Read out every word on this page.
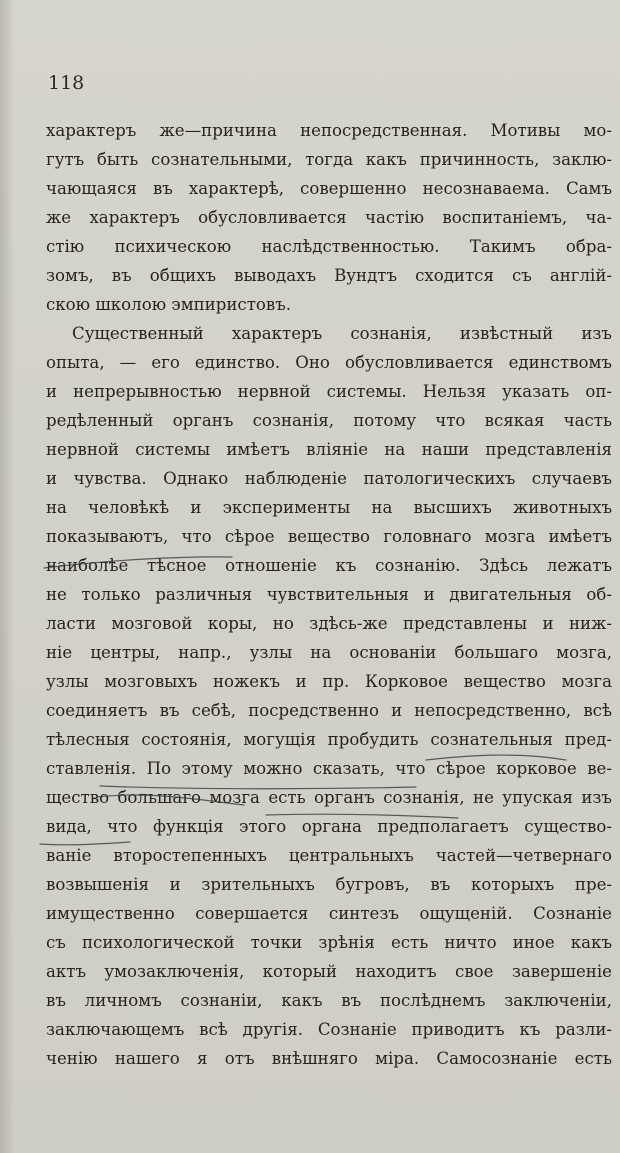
118

характеръ же—причина непосредственная. Мотивы мо-
гутъ быть сознательными, тогда какъ причинность, заклю-
чающаяся въ характерѣ, совершенно несознаваема. Самъ
же характеръ обусловливается частію воспитаніемъ, ча-
стію психическою наслѣдственностью. Такимъ обра-
зомъ, въ общихъ выводахъ Вундтъ сходится съ англій-
скою школою эмпиристовъ.
Существенный характеръ сознанія, извѣстный изъ
опыта, — его единство. Оно обусловливается единствомъ
и непрерывностью нервной системы. Нельзя указать оп-
редѣленный органъ сознанія, потому что всякая часть
нервной системы имѣетъ вліяніе на наши представленія
и чувства. Однако наблюденіе патологическихъ случаевъ
на человѣкѣ и эксперименты на высшихъ животныхъ
показываютъ, что сѣрое вещество головнаго мозга имѣетъ
наиболѣе тѣсное отношеніе къ сознанію. Здѣсь лежатъ
не только различныя чувствительныя и двигательныя об-
ласти мозговой коры, но здѣсь-же представлены и ниж-
ніе центры, напр., узлы на основаніи большаго мозга,
узлы мозговыхъ ножекъ и пр. Корковое вещество мозга
соединяетъ въ себѣ, посредственно и непосредственно, всѣ
тѣлесныя состоянія, могущія пробудить сознательныя пред-
ставленія. По этому можно сказать, что сѣрое корковое ве-
щество большаго мозга есть органъ сознанія, не упуская изъ
вида, что функція этого органа предполагаетъ существо-
ваніе второстепенныхъ центральныхъ частей—четвернаго
возвышенія и зрительныхъ бугровъ, въ которыхъ пре-
имущественно совершается синтезъ ощущеній. Сознаніе
съ психологической точки зрѣнія есть ничто иное какъ
актъ умозаключенія, который находитъ свое завершеніе
въ личномъ сознаніи, какъ въ послѣднемъ заключеніи,
заключающемъ всѣ другія. Сознаніе приводитъ къ разли-
ченію нашего я отъ внѣшняго міра. Самосознаніе есть
